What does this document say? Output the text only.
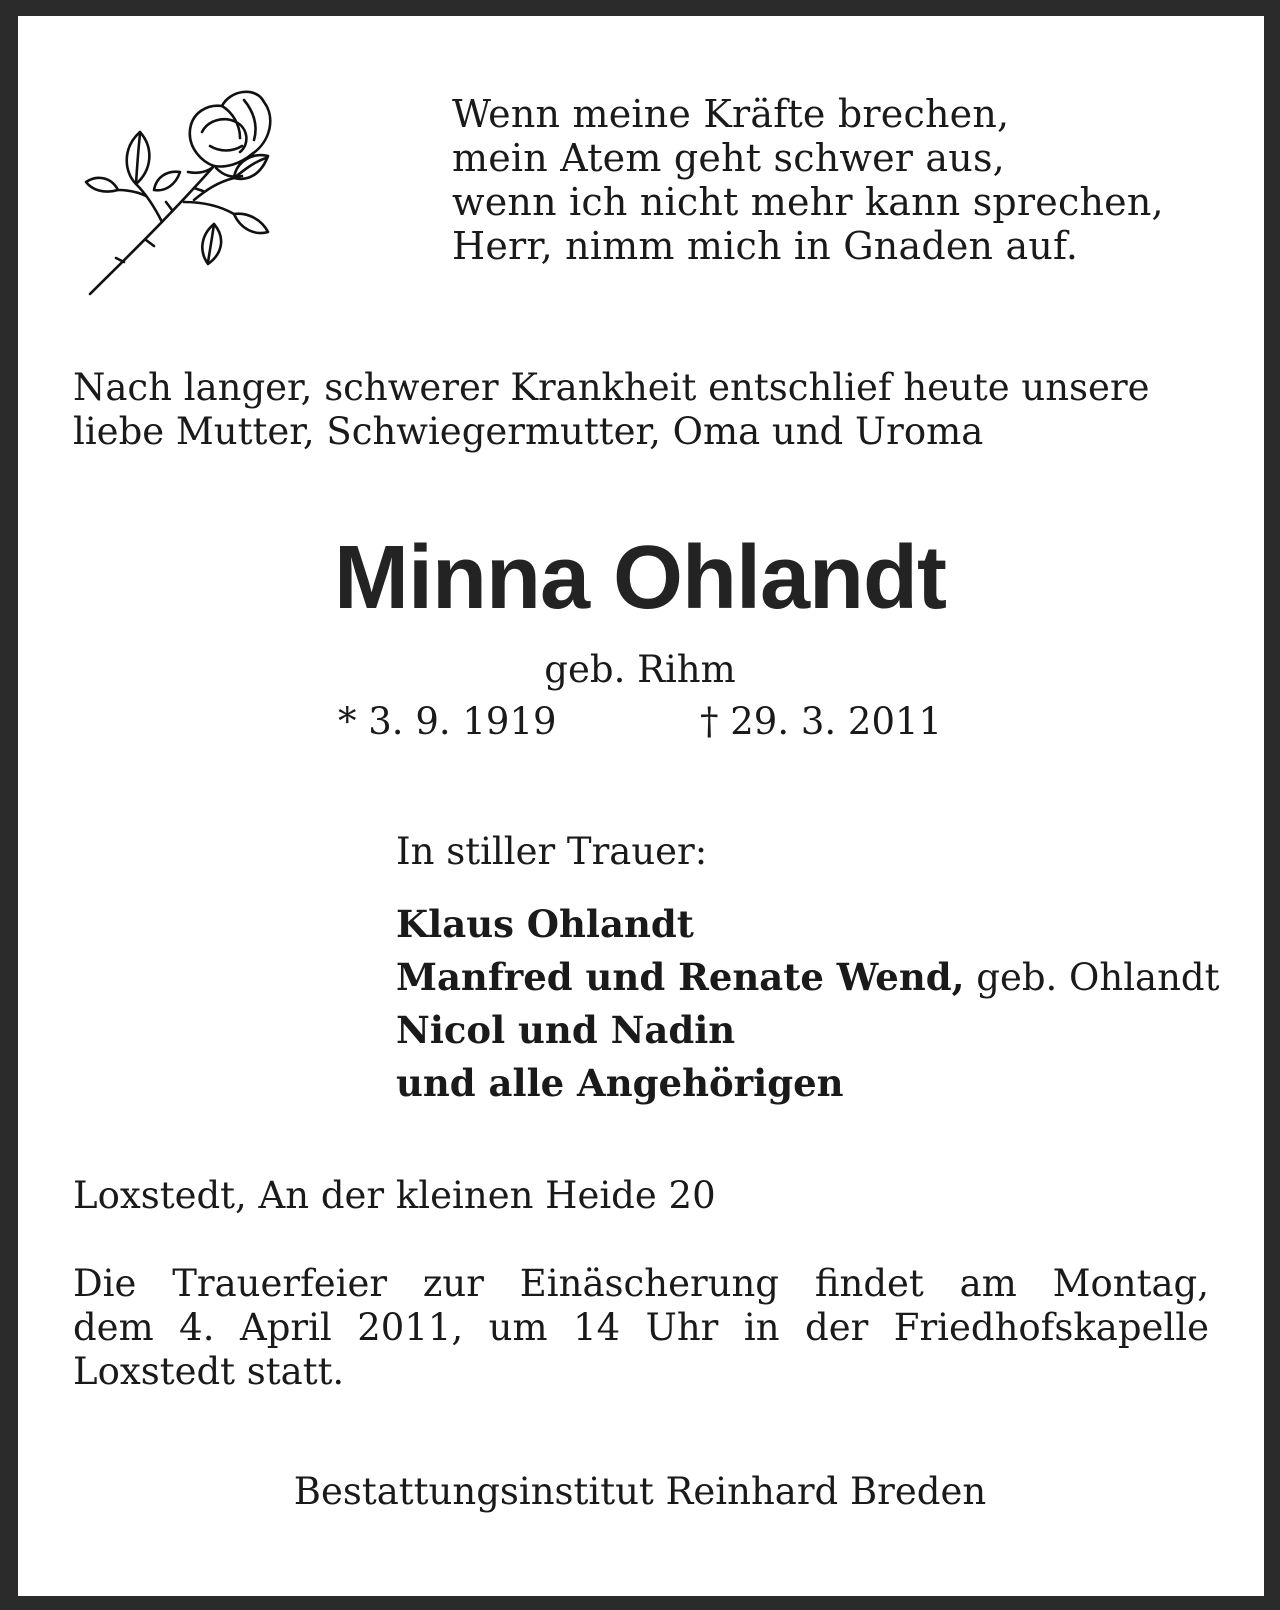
Wenn meine Kräfte brechen,
mein Atem geht schwer aus,
wenn ich nicht mehr kann sprechen,
Herr, nimm mich in Gnaden auf.
Nach langer, schwerer Krankheit entschlief heute unsere
liebe Mutter, Schwiegermutter, Oma und Uroma
Minna Ohlandt
geb. Rihm
* 3. 9. 1919	† 29. 3. 2011
In stiller Trauer:
Klaus Ohlandt
Manfred und Renate Wend, geb. Ohlandt
Nicol und Nadin
und alle Angehörigen
Loxstedt, An der kleinen Heide 20
Die Trauerfeier zur Einäscherung findet am Montag,
dem 4. April 2011, um 14 Uhr in der Friedhofskapelle
Loxstedt statt.
Bestattungsinstitut Reinhard Breden
